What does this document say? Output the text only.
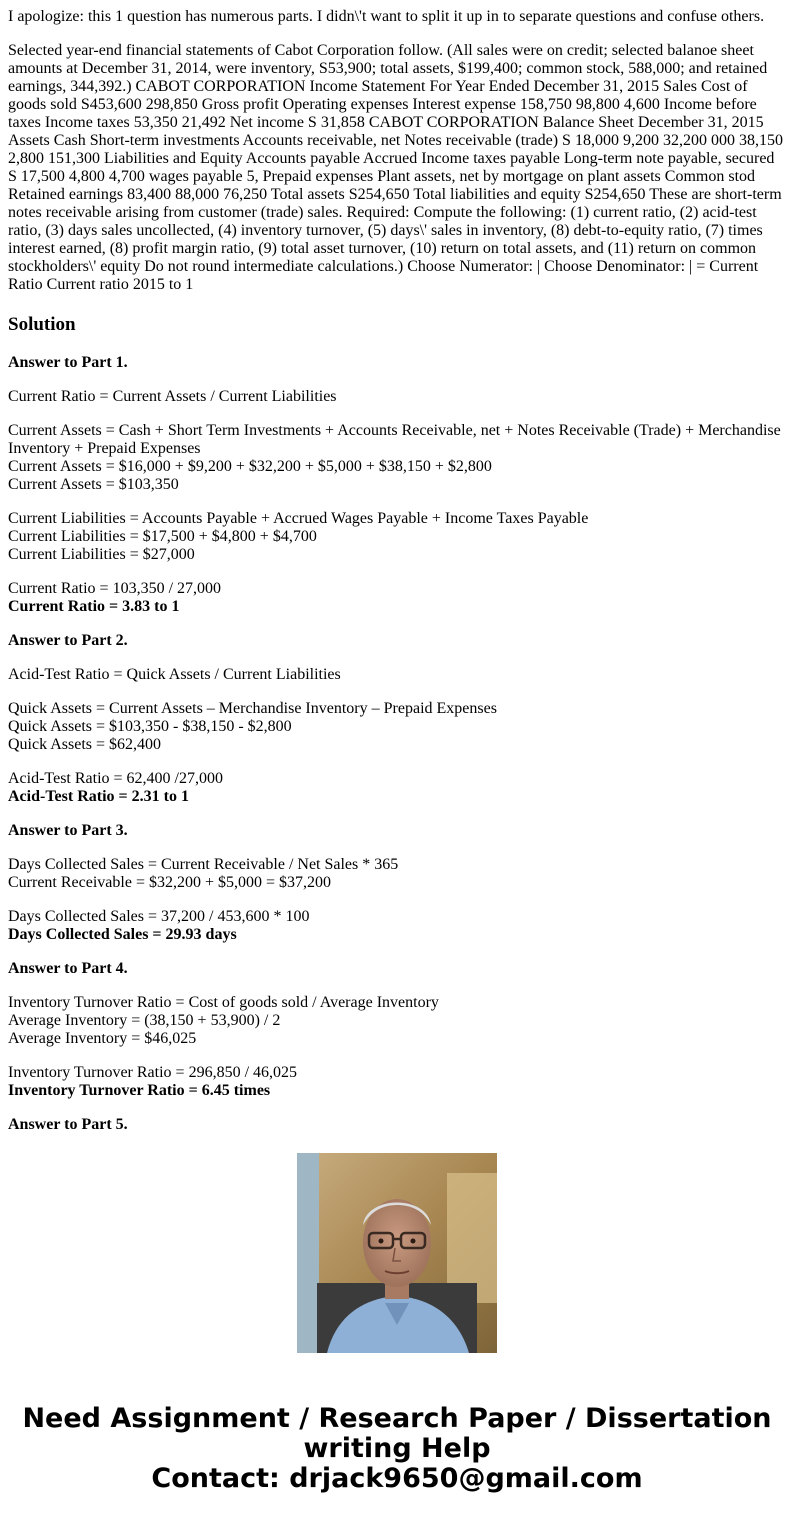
I apologize: this 1 question has numerous parts. I didn\'t want to split it up in to separate questions and confuse others.

Selected year-end financial statements of Cabot Corporation follow. (All sales were on credit; selected balanoe sheet amounts at December 31, 2014, were inventory, S53,900; total assets, $199,400; common stock, 588,000; and retained earnings, 344,392.) CABOT CORPORATION Income Statement For Year Ended December 31, 2015 Sales Cost of goods sold S453,600 298,850 Gross profit Operating expenses Interest expense 158,750 98,800 4,600 Income before taxes Income taxes 53,350 21,492 Net income S 31,858 CABOT CORPORATION Balance Sheet December 31, 2015 Assets Cash Short-term investments Accounts receivable, net Notes receivable (trade) S 18,000 9,200 32,200 000 38,150 2,800 151,300 Liabilities and Equity Accounts payable Accrued Income taxes payable Long-term note payable, secured S 17,500 4,800 4,700 wages payable 5, Prepaid expenses Plant assets, net by mortgage on plant assets Common stod Retained earnings 83,400 88,000 76,250 Total assets S254,650 Total liabilities and equity S254,650 These are short-term notes receivable arising from customer (trade) sales. Required: Compute the following: (1) current ratio, (2) acid-test ratio, (3) days sales uncollected, (4) inventory turnover, (5) days\' sales in inventory, (8) debt-to-equity ratio, (7) times interest earned, (8) profit margin ratio, (9) total asset turnover, (10) return on total assets, and (11) return on common stockholders\' equity Do not round intermediate calculations.) Choose Numerator: | Choose Denominator: | = Current Ratio Current ratio 2015 to 1

Solution

Answer to Part 1.

Current Ratio = Current Assets / Current Liabilities

Current Assets = Cash + Short Term Investments + Accounts Receivable, net + Notes Receivable (Trade) + Merchandise Inventory + Prepaid Expenses
Current Assets = $16,000 + $9,200 + $32,200 + $5,000 + $38,150 + $2,800
Current Assets = $103,350

Current Liabilities = Accounts Payable + Accrued Wages Payable + Income Taxes Payable
Current Liabilities = $17,500 + $4,800 + $4,700
Current Liabilities = $27,000

Current Ratio = 103,350 / 27,000
Current Ratio = 3.83 to 1

Answer to Part 2.

Acid-Test Ratio = Quick Assets / Current Liabilities

Quick Assets = Current Assets – Merchandise Inventory – Prepaid Expenses
Quick Assets = $103,350 - $38,150 - $2,800
Quick Assets = $62,400

Acid-Test Ratio = 62,400 /27,000
Acid-Test Ratio = 2.31 to 1

Answer to Part 3.

Days Collected Sales = Current Receivable / Net Sales * 365
Current Receivable = $32,200 + $5,000 = $37,200

Days Collected Sales = 37,200 / 453,600 * 100
Days Collected Sales = 29.93 days

Answer to Part 4.

Inventory Turnover Ratio = Cost of goods sold / Average Inventory
Average Inventory = (38,150 + 53,900) / 2
Average Inventory = $46,025

Inventory Turnover Ratio = 296,850 / 46,025
Inventory Turnover Ratio = 6.45 times

Answer to Part 5.

Need Assignment / Research Paper / Dissertation
writing Help
Contact: drjack9650@gmail.com
